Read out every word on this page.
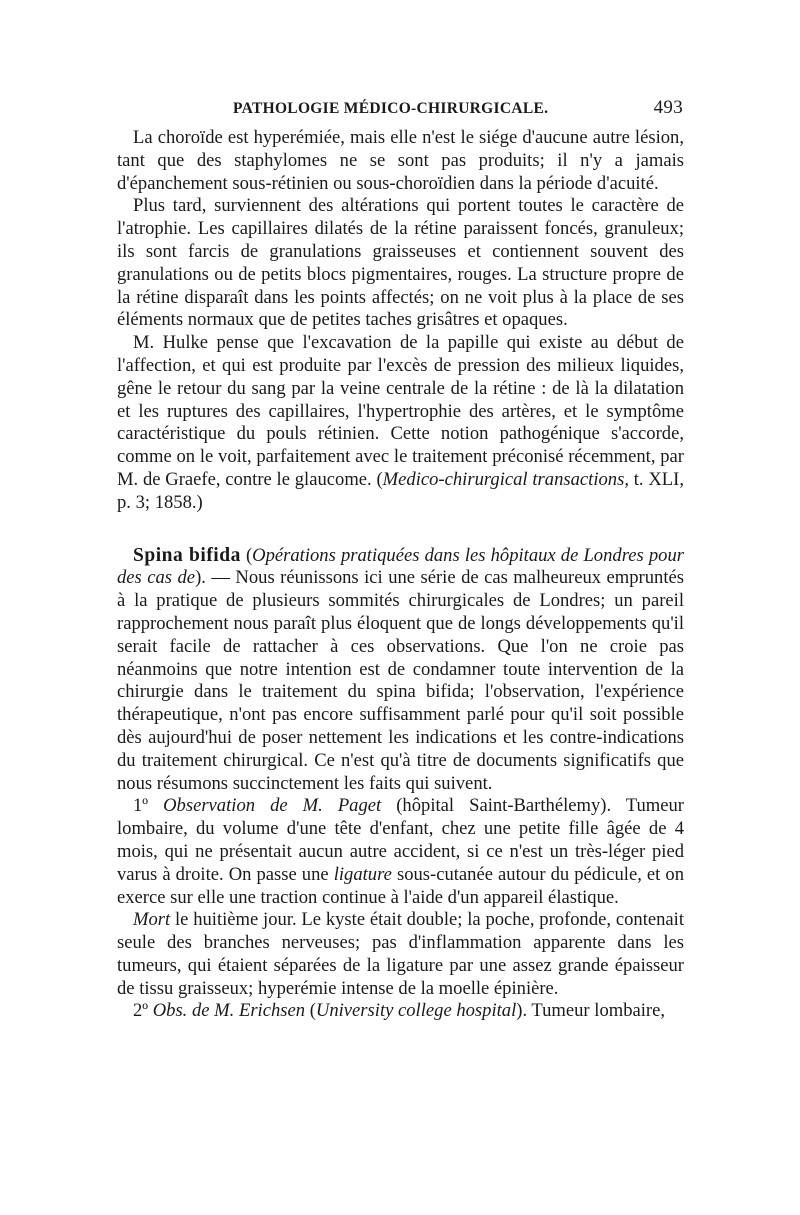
PATHOLOGIE MÉDICO-CHIRURGICALE.	493

La choroïde est hyperémiée, mais elle n'est le siége d'aucune autre lésion, tant que des staphylomes ne se sont pas produits; il n'y a jamais d'épanchement sous-rétinien ou sous-choroïdien dans la période d'acuité.

Plus tard, surviennent des altérations qui portent toutes le caractère de l'atrophie. Les capillaires dilatés de la rétine paraissent foncés, granuleux; ils sont farcis de granulations graisseuses et contiennent souvent des granulations ou de petits blocs pigmentaires, rouges. La structure propre de la rétine disparaît dans les points affectés; on ne voit plus à la place de ses éléments normaux que de petites taches grisâtres et opaques.

M. Hulke pense que l'excavation de la papille qui existe au début de l'affection, et qui est produite par l'excès de pression des milieux liquides, gêne le retour du sang par la veine centrale de la rétine : de là la dilatation et les ruptures des capillaires, l'hypertrophie des artères, et le symptôme caractéristique du pouls rétinien. Cette notion pathogénique s'accorde, comme on le voit, parfaitement avec le traitement préconisé récemment, par M. de Graefe, contre le glaucome. (Medico-chirurgical transactions, t. XLI, p. 3; 1858.)

Spina bifida (Opérations pratiquées dans les hôpitaux de Londres pour des cas de). — Nous réunissons ici une série de cas malheureux empruntés à la pratique de plusieurs sommités chirurgicales de Londres; un pareil rapprochement nous paraît plus éloquent que de longs développements qu'il serait facile de rattacher à ces observations. Que l'on ne croie pas néanmoins que notre intention est de condamner toute intervention de la chirurgie dans le traitement du spina bifida; l'observation, l'expérience thérapeutique, n'ont pas encore suffisamment parlé pour qu'il soit possible dès aujourd'hui de poser nettement les indications et les contre-indications du traitement chirurgical. Ce n'est qu'à titre de documents significatifs que nous résumons succinctement les faits qui suivent.

1º Observation de M. Paget (hôpital Saint-Barthélemy). Tumeur lombaire, du volume d'une tête d'enfant, chez une petite fille âgée de 4 mois, qui ne présentait aucun autre accident, si ce n'est un très-léger pied varus à droite. On passe une ligature sous-cutanée autour du pédicule, et on exerce sur elle une traction continue à l'aide d'un appareil élastique.

Mort le huitième jour. Le kyste était double; la poche, profonde, contenait seule des branches nerveuses; pas d'inflammation apparente dans les tumeurs, qui étaient séparées de la ligature par une assez grande épaisseur de tissu graisseux; hyperémie intense de la moelle épinière.

2º Obs. de M. Erichsen (University college hospital). Tumeur lombaire,
